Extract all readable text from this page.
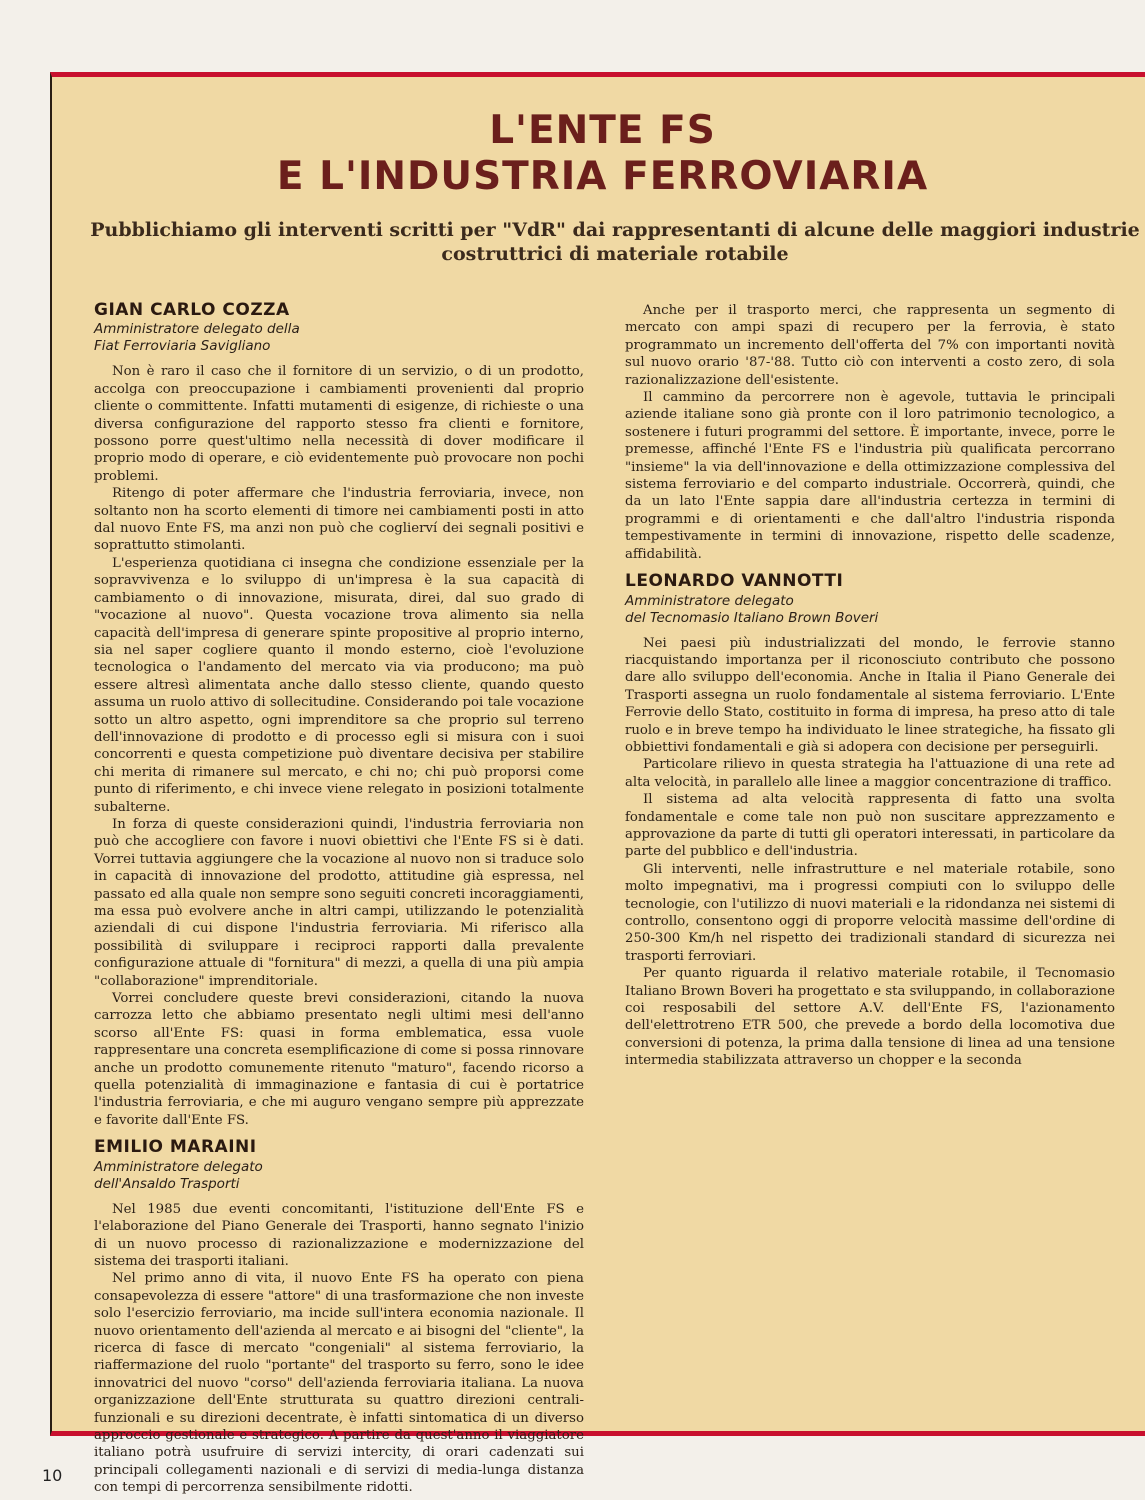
L'ENTE FS
E L'INDUSTRIA FERROVIARIA
Pubblichiamo gli interventi scritti per "VdR" dai rappresentanti di alcune delle maggiori industrie costruttrici di materiale rotabile
GIAN CARLO COZZA
Amministratore delegato della
Fiat Ferroviaria Savigliano

Non è raro il caso che il fornitore di un servizio, o di un prodotto, accolga con preoccupazione i cambiamenti provenienti dal proprio cliente o committente. Infatti mutamenti di esigenze, di richieste o una diversa configurazione del rapporto stesso fra clienti e fornitore, possono porre quest'ultimo nella necessità di dover modificare il proprio modo di operare, e ciò evidentemente può provocare non pochi problemi.

Ritengo di poter affermare che l'industria ferroviaria, invece, non soltanto non ha scorto elementi di timore nei cambiamenti posti in atto dal nuovo Ente FS, ma anzi non può che coglierví dei segnali positivi e soprattutto stimolanti.

L'esperienza quotidiana ci insegna che condizione essenziale per la sopravvivenza e lo sviluppo di un'impresa è la sua capacità di cambiamento o di innovazione, misurata, direi, dal suo grado di "vocazione al nuovo". Questa vocazione trova alimento sia nella capacità dell'impresa di generare spinte propositive al proprio interno, sia nel saper cogliere quanto il mondo esterno, cioè l'evoluzione tecnologica o l'andamento del mercato via via producono; ma può essere altresì alimentata anche dallo stesso cliente, quando questo assuma un ruolo attivo di sollecitudine. Considerando poi tale vocazione sotto un altro aspetto, ogni imprenditore sa che proprio sul terreno dell'innovazione di prodotto e di processo egli si misura con i suoi concorrenti e questa competizione può diventare decisiva per stabilire chi merita di rimanere sul mercato, e chi no; chi può proporsi come punto di riferimento, e chi invece viene relegato in posizioni totalmente subalterne.

In forza di queste considerazioni quindi, l'industria ferroviaria non può che accogliere con favore i nuovi obiettivi che l'Ente FS si è dati. Vorrei tuttavia aggiungere che la vocazione al nuovo non si traduce solo in capacità di innovazione del prodotto, attitudine già espressa, nel passato ed alla quale non sempre sono seguiti concreti incoraggiamenti, ma essa può evolvere anche in altri campi, utilizzando le potenzialità aziendali di cui dispone l'industria ferroviaria. Mi riferisco alla possibilità di sviluppare i reciproci rapporti dalla prevalente configurazione attuale di "fornitura" di mezzi, a quella di una più ampia "collaborazione" imprenditoriale.

Vorrei concludere queste brevi considerazioni, citando la nuova carrozza letto che abbiamo presentato negli ultimi mesi dell'anno scorso all'Ente FS: quasi in forma emblematica, essa vuole rappresentare una concreta esemplificazione di come si possa rinnovare anche un prodotto comunemente ritenuto "maturo", facendo ricorso a quella potenzialità di immaginazione e fantasia di cui è portatrice l'industria ferroviaria, e che mi auguro vengano sempre più apprezzate e favorite dall'Ente FS.

EMILIO MARAINI
Amministratore delegato
dell'Ansaldo Trasporti

Nel 1985 due eventi concomitanti, l'istituzione dell'Ente FS e l'elaborazione del Piano Generale dei Trasporti, hanno segnato l'inizio di un nuovo processo di razionalizzazione e modernizzazione del sistema dei trasporti italiani.

Nel primo anno di vita, il nuovo Ente FS ha operato con piena consapevolezza di essere "attore" di una trasformazione che non investe solo l'esercizio ferroviario, ma incide sull'intera economia nazionale. Il nuovo orientamento dell'azienda al mercato e ai bisogni del "cliente", la ricerca di fasce di mercato "congeniali" al sistema ferroviario, la riaffermazione del ruolo "portante" del trasporto su ferro, sono le idee innovatrici del nuovo "corso" dell'azienda ferroviaria italiana. La nuova organizzazione dell'Ente strutturata su quattro direzioni centrali-funzionali e su direzioni decentrate, è infatti sintomatica di un diverso approccio gestionale e strategico. A partire da quest'anno il viaggiatore italiano potrà usufruire di servizi intercity, di orari cadenzati sui principali collegamenti nazionali e di servizi di media-lunga distanza con tempi di percorrenza sensibilmente ridotti.

Anche per il trasporto merci, che rappresenta un segmento di mercato con ampi spazi di recupero per la ferrovia, è stato programmato un incremento dell'offerta del 7% con importanti novità sul nuovo orario '87-'88. Tutto ciò con interventi a costo zero, di sola razionalizzazione dell'esistente.

Il cammino da percorrere non è agevole, tuttavia le principali aziende italiane sono già pronte con il loro patrimonio tecnologico, a sostenere i futuri programmi del settore. È importante, invece, porre le premesse, affinché l'Ente FS e l'industria più qualificata percorrano "insieme" la via dell'innovazione e della ottimizzazione complessiva del sistema ferroviario e del comparto industriale. Occorrerà, quindi, che da un lato l'Ente sappia dare all'industria certezza in termini di programmi e di orientamenti e che dall'altro l'industria risponda tempestivamente in termini di innovazione, rispetto delle scadenze, affidabilità.

LEONARDO VANNOTTI
Amministratore delegato
del Tecnomasio Italiano Brown Boveri

Nei paesi più industrializzati del mondo, le ferrovie stanno riacquistando importanza per il riconosciuto contributo che possono dare allo sviluppo dell'economia. Anche in Italia il Piano Generale dei Trasporti assegna un ruolo fondamentale al sistema ferroviario. L'Ente Ferrovie dello Stato, costituito in forma di impresa, ha preso atto di tale ruolo e in breve tempo ha individuato le linee strategiche, ha fissato gli obbiettivi fondamentali e già si adopera con decisione per perseguirli.

Particolare rilievo in questa strategia ha l'attuazione di una rete ad alta velocità, in parallelo alle linee a maggior concentrazione di traffico.

Il sistema ad alta velocità rappresenta di fatto una svolta fondamentale e come tale non può non suscitare apprezzamento e approvazione da parte di tutti gli operatori interessati, in particolare da parte del pubblico e dell'industria.

Gli interventi, nelle infrastrutture e nel materiale rotabile, sono molto impegnativi, ma i progressi compiuti con lo sviluppo delle tecnologie, con l'utilizzo di nuovi materiali e la ridondanza nei sistemi di controllo, consentono oggi di proporre velocità massime dell'ordine di 250-300 Km/h nel rispetto dei tradizionali standard di sicurezza nei trasporti ferroviari.

Per quanto riguarda il relativo materiale rotabile, il Tecnomasio Italiano Brown Boveri ha progettato e sta sviluppando, in collaborazione coi resposabili del settore A.V. dell'Ente FS, l'azionamento dell'elettrotreno ETR 500, che prevede a bordo della locomotiva due conversioni di potenza, la prima dalla tensione di linea ad una tensione intermedia stabilizzata attraverso un chopper e la seconda

10
